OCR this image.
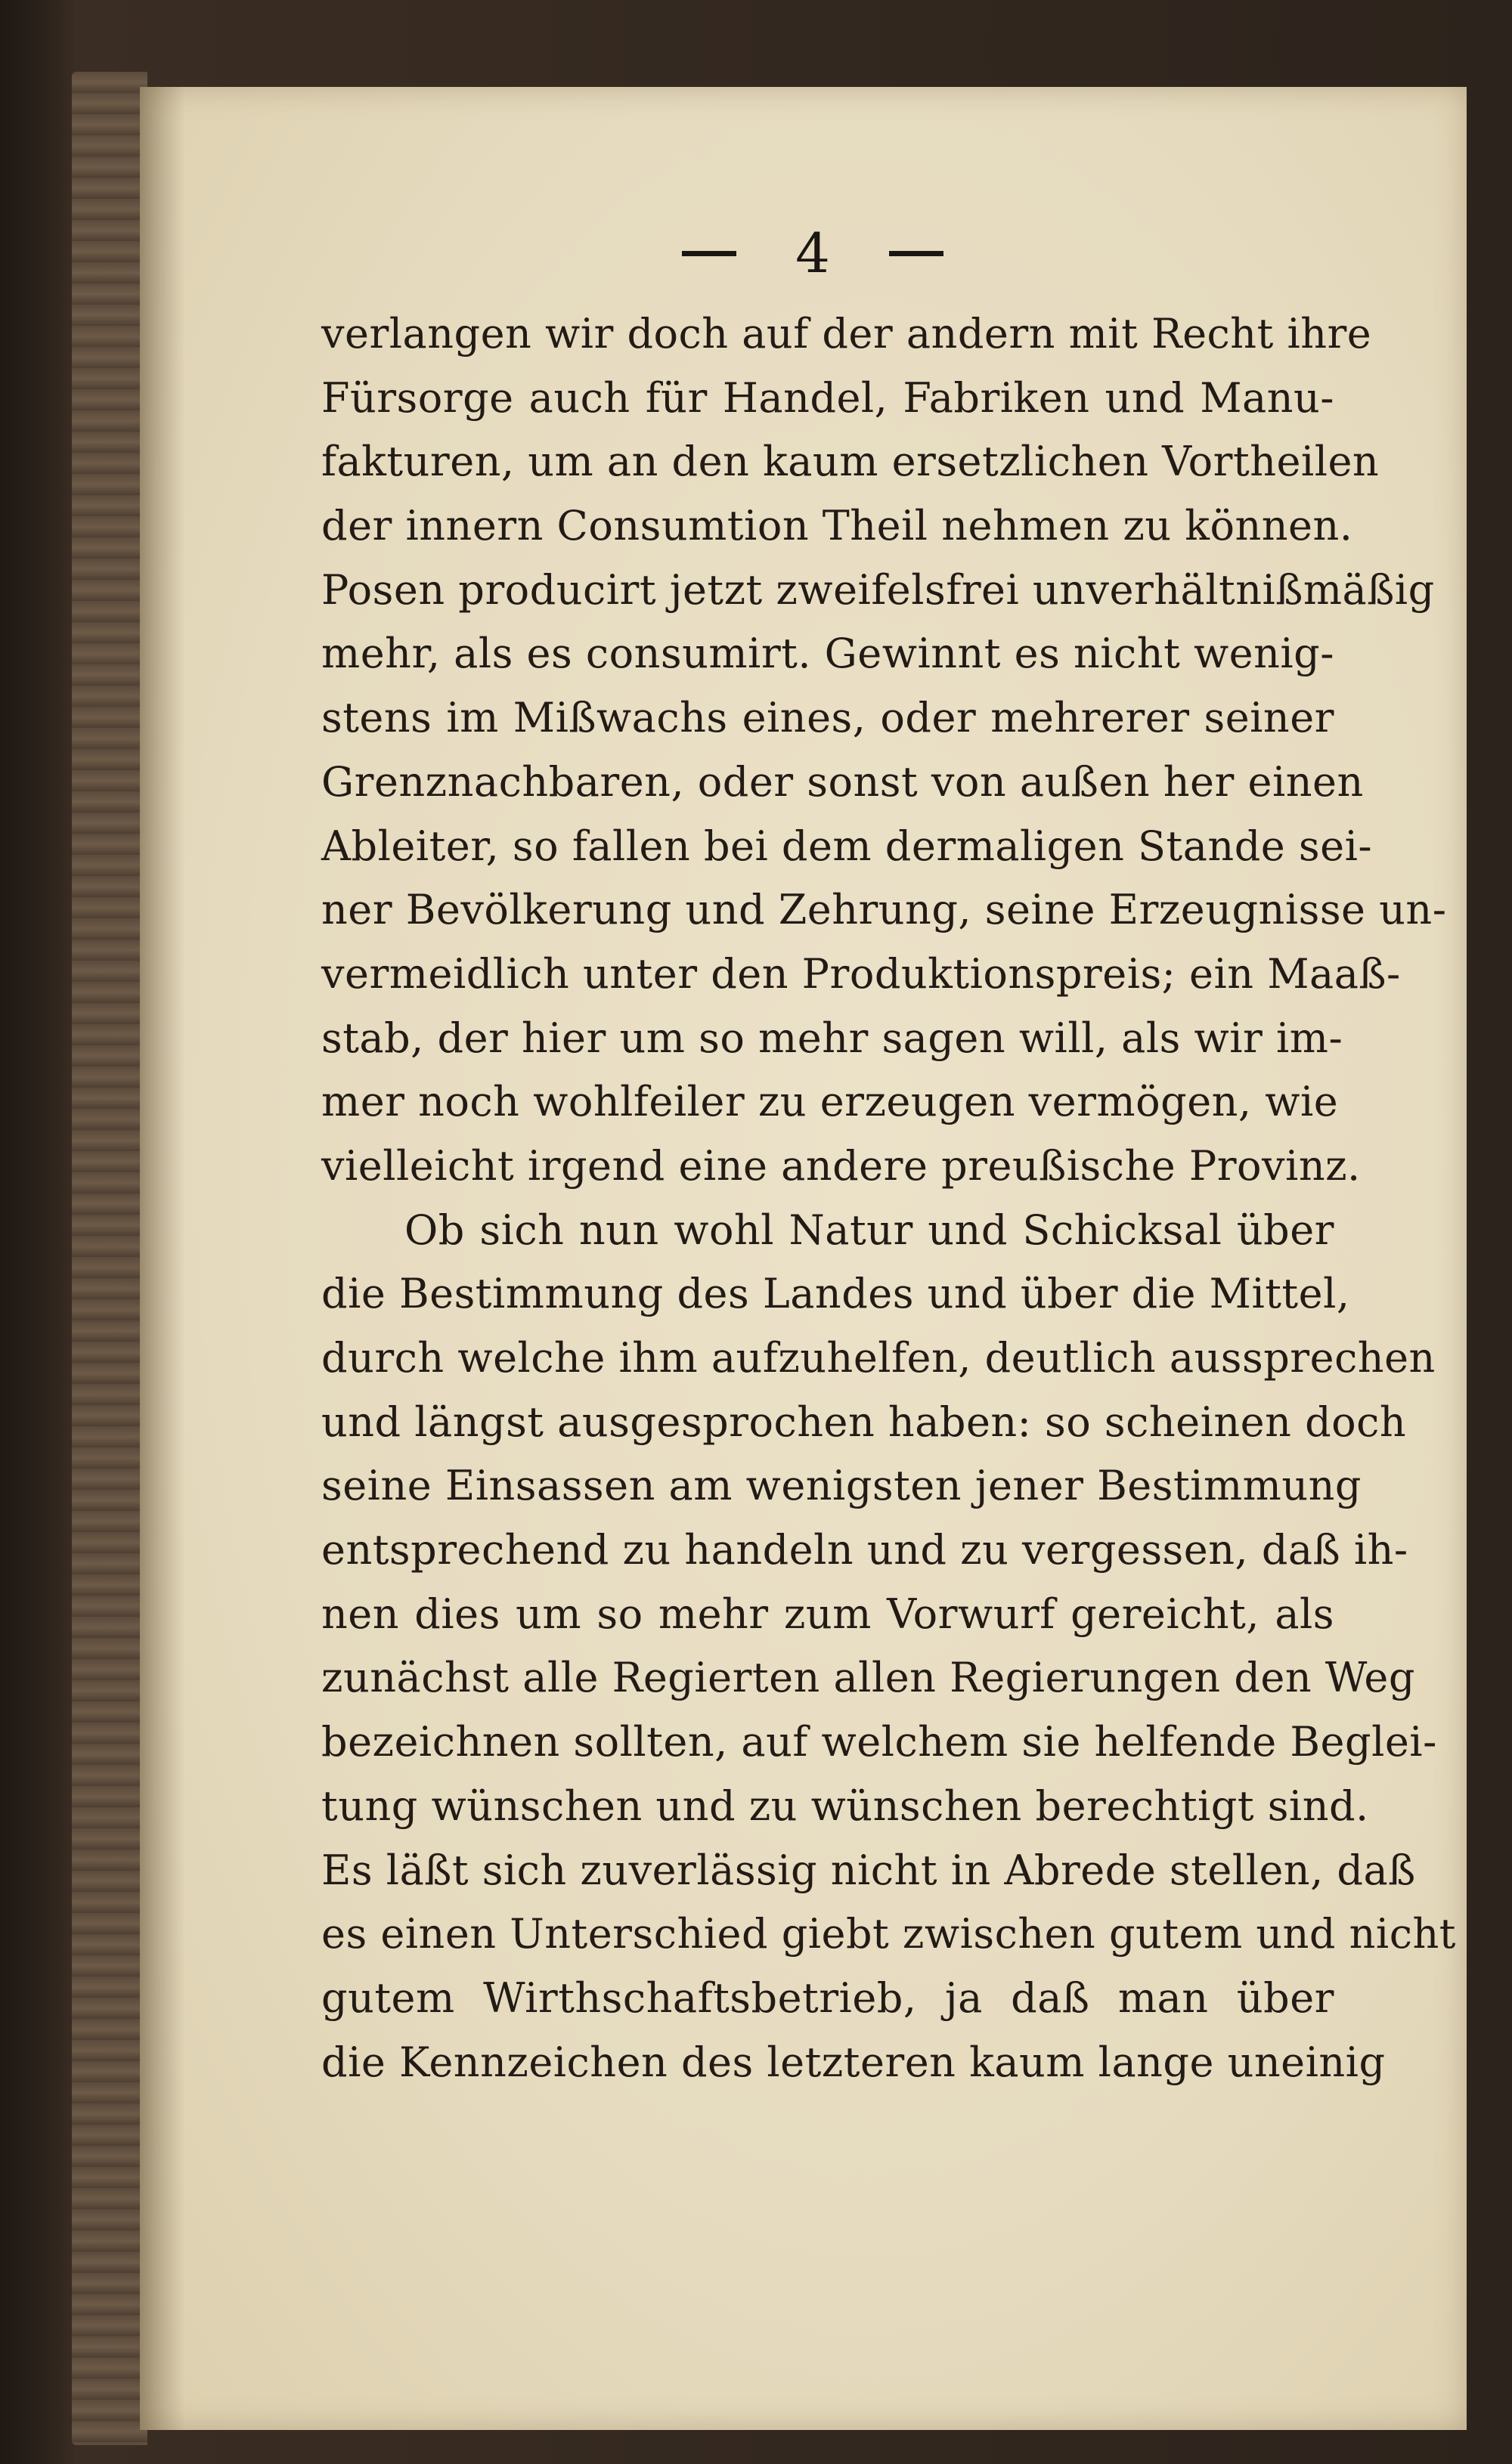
4
verlangen wir doch auf der andern mit Recht ihre
Fürsorge auch für Handel, Fabriken und Manu-
fakturen, um an den kaum ersetzlichen Vortheilen
der innern Consumtion Theil nehmen zu können.
Posen producirt jetzt zweifelsfrei unverhältnißmäßig
mehr, als es consumirt. Gewinnt es nicht wenig-
stens im Mißwachs eines, oder mehrerer seiner
Grenznachbaren, oder sonst von außen her einen
Ableiter, so fallen bei dem dermaligen Stande sei-
ner Bevölkerung und Zehrung, seine Erzeugnisse un-
vermeidlich unter den Produktionspreis; ein Maaß-
stab, der hier um so mehr sagen will, als wir im-
mer noch wohlfeiler zu erzeugen vermögen, wie
vielleicht irgend eine andere preußische Provinz.
Ob sich nun wohl Natur und Schicksal über
die Bestimmung des Landes und über die Mittel,
durch welche ihm aufzuhelfen, deutlich aussprechen
und längst ausgesprochen haben: so scheinen doch
seine Einsassen am wenigsten jener Bestimmung
entsprechend zu handeln und zu vergessen, daß ih-
nen dies um so mehr zum Vorwurf gereicht, als
zunächst alle Regierten allen Regierungen den Weg
bezeichnen sollten, auf welchem sie helfende Beglei-
tung wünschen und zu wünschen berechtigt sind.
Es läßt sich zuverlässig nicht in Abrede stellen, daß
es einen Unterschied giebt zwischen gutem und nicht
gutem Wirthschaftsbetrieb, ja daß man über
die Kennzeichen des letzteren kaum lange uneinig
